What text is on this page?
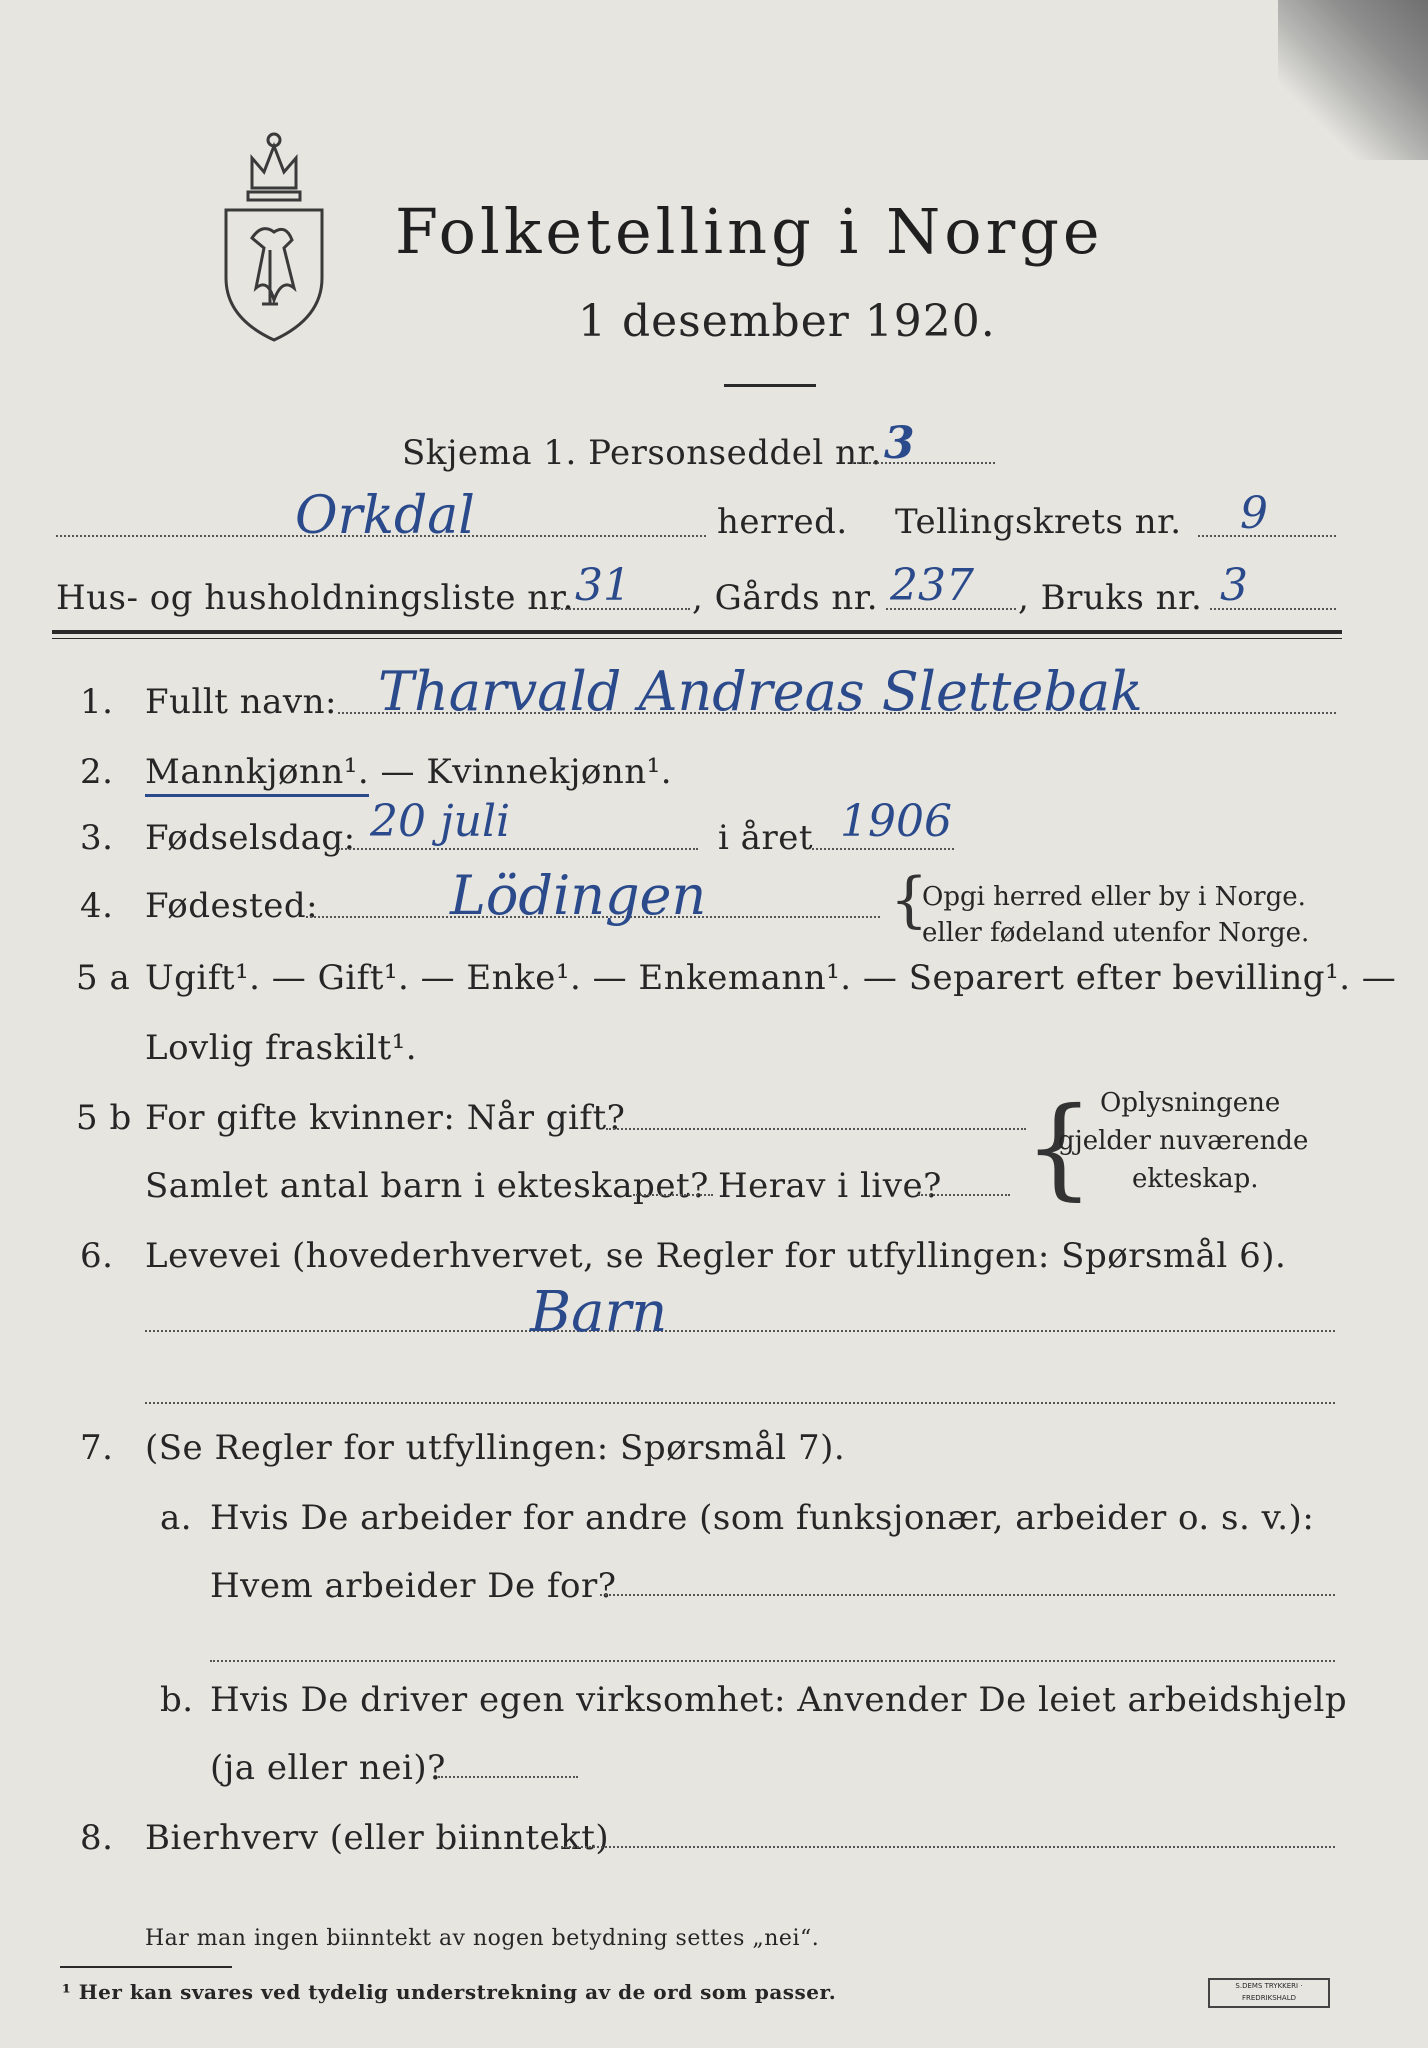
Folketelling i Norge
1 desember 1920.
Skjema 1. Personseddel nr. 3
Orkdal	herred. Tellingskrets nr. 9
Hus- og husholdningsliste nr. 31 , Gårds nr. 237 , Bruks nr. 3
1. Fullt navn: Tharvald Andreas Slettebak
2. Mannkjønn¹. — Kvinnekjønn¹.
3. Fødselsdag: 20 juli	i året 1906
4. Fødested: Lödingen	{
Opgi herred eller by i Norge.
eller fødeland utenfor Norge.
5 a Ugift¹. — Gift¹. — Enke¹. — Enkemann¹. — Separert efter bevilling¹. —
Lovlig fraskilt¹.
5 b For gifte kvinner: Når gift?
Samlet antal barn i ekteskapet? Herav i live? { Oplysningene
gjelder nuværende
ekteskap.
6. Levevei (hovederhvervet, se Regler for utfyllingen: Spørsmål 6).
Barn
7. (Se Regler for utfyllingen: Spørsmål 7).
a. Hvis De arbeider for andre (som funksjonær, arbeider o. s. v.):
Hvem arbeider De for?
b. Hvis De driver egen virksomhet: Anvender De leiet arbeidshjelp
(ja eller nei)?
8. Bierhverv (eller biinntekt)
Har man ingen biinntekt av nogen betydning settes „nei“.
¹ Her kan svares ved tydelig understrekning av de ord som passer.	S.DEMS TRYKKERI · FREDRIKSHALD
